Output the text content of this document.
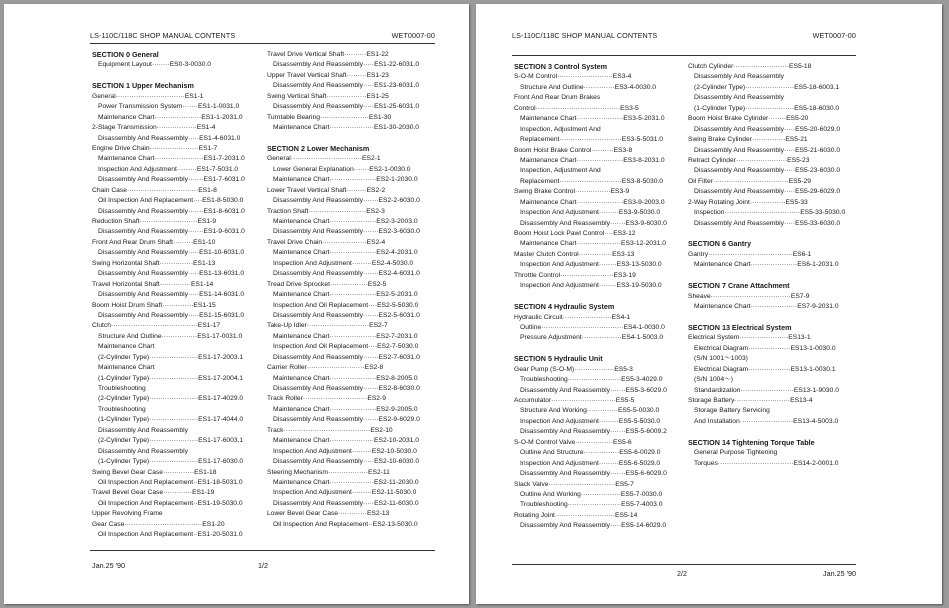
LS-110C/118C SHOP MANUAL CONTENTS	WET0007-00
SECTION 0 General
Equipment Layout········ES0-3-0030.0
SECTION 1 Upper Mechanism
General·······························ES1-1
Power Transmission System·······ES1-1-0031.0
Maintenance Chart·····················ES1-1-2031.0
2-Stage Transmission··················ES1-4
Disassembly And Reassembly·····ES1-4-6031.0
Engine Drive Chain······················ES1-7
Maintenance Chart······················ES1-7-2031.0
Inspection And Adjustment·········ES1-7-5031.0
Disassembly And Reassembly·······ES1-7-6031.0
Chain Case································ES1-8
Oil Inspection And Replacement····ES1-8-5030.0
Disassembly And Reassembly·······ES1-8-6031.0
Reduction Shaft··························ES1-9
Disassembly And Reassembly·······ES1-9-6031.0
Front And Rear Drum Shaft·········ES1-10
Disassembly And Reassembly·····ES1-10-6031.0
Swing Horizontal Shaft···············ES1-13
Disassembly And Reassembly·····ES1-13-6031.0
Travel Horizontal Shaft··············ES1-14
Disassembly And Reassembly·····ES1-14-6031.0
Boom Hoist Drum Shaft··············ES1-15
Disassembly And Reassembly·····ES1-15-6031.0
Clutch·······································ES1-17
Structure And Outline················ES1-17-0031.0
Maintenance Chart
(2-Cylinder Type)······················ES1-17-2003.1
Maintenance Chart
(1-Cylinder Type)······················ES1-17-2004.1
Troubleshooting
(2-Cylinder Type)······················ES1-17-4029.0
Troubleshooting
(1-Cylinder Type)······················ES1-17-4044.0
Disassembly And Reassembly
(2-Cylinder Type)······················ES1-17-6003.1
Disassembly And Reassembly
(1-Cylinder Type)······················ES1-17-6030.0
Swing Bevel Gear Case··············ES1-18
Oil Inspection And Replacement··ES1-18-5031.0
Travel Bevel Gear Case·············ES1-19
Oil Inspection And Replacement··ES1-19-5030.0
Upper Revolving Frame
Gear Case···································ES1-20
Oil Inspection And Replacement··ES1-20-5031.0
Travel Drive Vertical Shaft··········ES1-22
Disassembly And Reassembly·····ES1-22-6031.0
Upper Travel Vertical Shaft·········ES1-23
Disassembly And Reassembly·····ES1-23-6031.0
Swing Vertical Shaft··················ES1-25
Disassembly And Reassembly·····ES1-25-6031.0
Turntable Bearing······················ES1-30
Maintenance Chart····················ES1-30-2030.0
SECTION 2 Lower Mechanism
General································ES2-1
Lower General Explanation·······ES2-1-0030.0
Maintenance Chart·····················ES2-1-2030.0
Lower Travel Vertical Shaft·········ES2-2
Disassembly And Reassembly·······ES2-2-6030.0
Traction Shaft··························ES2-3
Maintenance Chart·····················ES2-3-2003.0
Disassembly And Reassembly·······ES2-3-6030.0
Travel Drive Chain····················ES2-4
Maintenance Chart·····················ES2-4-2031.0
Inspection And Adjustment·········ES2-4-5030.0
Disassembly And Reassembly·······ES2-4-6031.0
Tread Drive Sprocket·················ES2-5
Maintenance Chart·····················ES2-5-2031.0
Inspection And Oil Replacement····ES2-5-5030.0
Disassembly And Reassembly·······ES2-5-6031.0
Take-Up Idler····························ES2-7
Maintenance Chart·····················ES2-7-2031.0
Inspection And Oil Replacement····ES2-7-5030.0
Disassembly And Reassembly·······ES2-7-6031.0
Carrier Roller··························ES2-8
Maintenance Chart·····················ES2-8-2005.0
Disassembly And Reassembly·······ES2-8-6030.0
Track Roller·····························ES2-9
Maintenance Chart·····················ES2-9-2005.0
Disassembly And Reassembly·······ES2-9-6029.0
Track·······································ES2-10
Maintenance Chart····················ES2-10-2031.0
Inspection And Adjustment·········ES2-10-5030.0
Disassembly And Reassembly·····ES2-10-6030.0
Steering Mechanism··················ES2-11
Maintenance Chart····················ES2-11-2030.0
Inspection And Adjustment·········ES2-11-5030.0
Disassembly And Reassembly·····ES2-11-6030.0
Lower Bevel Gear Case·············ES2-13
Oil Inspection And Replacement··ES2-13-5030.0
Jan.25 '90	1/2
LS-110C/118C SHOP MANUAL CONTENTS	WET0007-00
SECTION 3 Control System
S-O-M Control·························ES3-4
Structure And Outline··············ES3-4-0030.0
Front And Rear Drum Brakes
Control······································ES3-5
Maintenance Chart·····················ES3-5-2031.0
Inspection, Adjustment And
Replacement····························ES3-5-5031.0
Boom Hoist Brake Control··········ES3-8
Maintenance Chart·····················ES3-8-2031.0
Inspection, Adjustment And
Replacement····························ES3-8-5030.0
Swing Brake Control················ES3-9
Maintenance Chart·····················ES3-9-2003.0
Inspection And Adjustment·········ES3-9-5030.0
Disassembly And Reassembly·······ES3-9-6030.0
Boom Hoist Lock Pawl Control····ES3-12
Maintenance Chart····················ES3-12-2031.0
Master Clutch Control···············ES3-13
Inspection And Adjustment········ES3-13-5030.0
Throttle Control························ES3-19
Inspection And Adjustment········ES3-19-5030.0
SECTION 4 Hydraulic System
Hydraulic Circuit······················ES4-1
Outline·····································ES4-1-0030.0
Pressure Adjustment··················ES4-1-5003.0
SECTION 5 Hydraulic Unit
Gear Pump (S-O-M)··················ES5-3
Troubleshooting························ES5-3-4029.0
Disassembly And Reassembly·······ES5-3-6029.0
Accumulator·····························ES5-5
Structure And Working··············ES5-5-0030.0
Inspection And Adjustment·········ES5-5-5030.0
Disassembly And Reassembly·······ES5-5-6009.2
S-O-M Control Valve·················ES5-6
Outline And Structure················ES5-6-0029.0
Inspection And Adjustment·········ES5-6-5029.0
Disassembly And Reassembly·······ES5-6-6029.0
Slack Valve······························ES5-7
Outline And Working··················ES5-7-0030.0
Troubleshooting························ES5-7-4003.0
Rotating Joint···························ES5-14
Disassembly And Reassembly·····ES5-14-6029.0
Clutch Cylinder·························ES5-18
Disassembly And Reassembly
(2-Cylinder Type)······················ES5-18-6003.1
Disassembly And Reassembly
(1-Cylinder Type)······················ES5-18-6030.0
Boom Hoist Brake Cylinder········ES5-20
Disassembly And Reassembly·····ES5-20-6029.0
Swing Brake Cylinder···············ES5-21
Disassembly And Reassembly·····ES5-21-6030.0
Retract Cylinder·······················ES5-23
Disassembly And Reassembly·····ES5-23-6030.0
Oil Filter··································ES5-29
Disassembly And Reassembly·····ES5-29-6029.0
2-Way Rotating Joint················ES5-33
Inspection··································ES5-33-5030.0
Disassembly And Reassembly·····ES5-33-6030.0
SECTION 6 Gantry
Gantry······································ES6-1
Maintenance Chart·····················ES6-1-2031.0
SECTION 7 Crane Attachment
Sheave····································ES7-9
Maintenance Chart·····················ES7-9-2031.0
SECTION 13 Electrical System
Electrical System······················ES13-1
Electrical Diagram···················ES13-1-0030.0
(S/N 1001～1003)
Electrical Diagram···················ES13-1-0030.1
(S/N 1004～)
Standardization························ES13-1-9030.0
Storage Battery·························ES13-4
Storage Battery Servicing
And Installation························ES13-4-5003.0
SECTION 14 Tightening Torque Table
General Purpose Tightening
Torques··································ES14-2-0001.0
2/2	Jan.25 '90
